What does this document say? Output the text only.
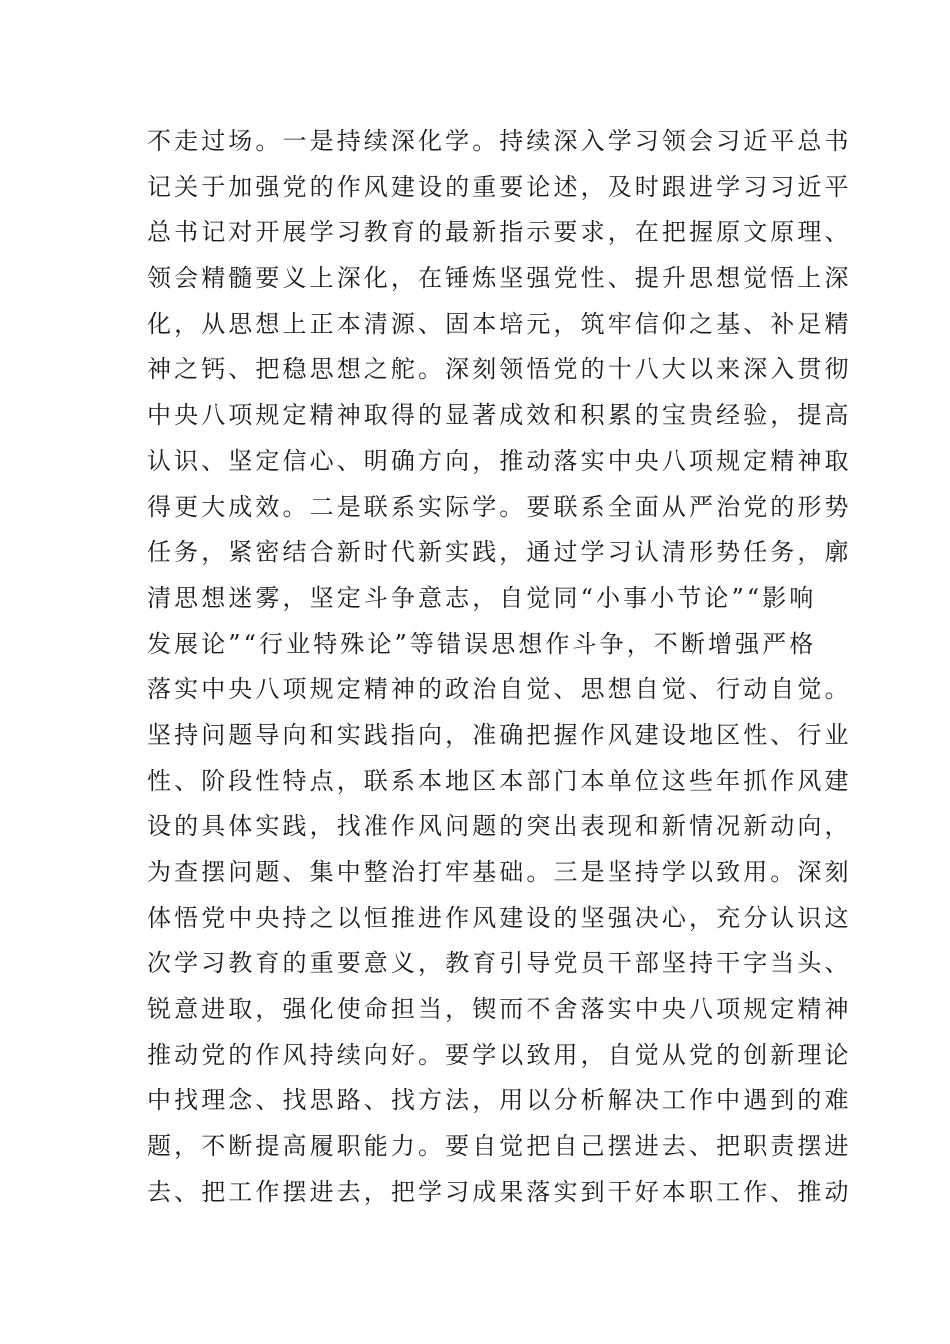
不走过场。一是持续深化学。持续深入学习领会习近平总书
记关于加强党的作风建设的重要论述，及时跟进学习习近平
总书记对开展学习教育的最新指示要求，在把握原文原理、
领会精髓要义上深化，在锤炼坚强党性、提升思想觉悟上深
化，从思想上正本清源、固本培元，筑牢信仰之基、补足精
神之钙、把稳思想之舵。深刻领悟党的十八大以来深入贯彻
中央八项规定精神取得的显著成效和积累的宝贵经验，提高
认识、坚定信心、明确方向，推动落实中央八项规定精神取
得更大成效。二是联系实际学。要联系全面从严治党的形势
任务，紧密结合新时代新实践，通过学习认清形势任务，廓
清思想迷雾，坚定斗争意志，自觉同“小事小节论”“影响
发展论”“行业特殊论”等错误思想作斗争，不断增强严格
落实中央八项规定精神的政治自觉、思想自觉、行动自觉。
坚持问题导向和实践指向，准确把握作风建设地区性、行业
性、阶段性特点，联系本地区本部门本单位这些年抓作风建
设的具体实践，找准作风问题的突出表现和新情况新动向，
为查摆问题、集中整治打牢基础。三是坚持学以致用。深刻
体悟党中央持之以恒推进作风建设的坚强决心，充分认识这
次学习教育的重要意义，教育引导党员干部坚持干字当头、
锐意进取，强化使命担当，锲而不舍落实中央八项规定精神
推动党的作风持续向好。要学以致用，自觉从党的创新理论
中找理念、找思路、找方法，用以分析解决工作中遇到的难
题，不断提高履职能力。要自觉把自己摆进去、把职责摆进
去、把工作摆进去，把学习成果落实到干好本职工作、推动
